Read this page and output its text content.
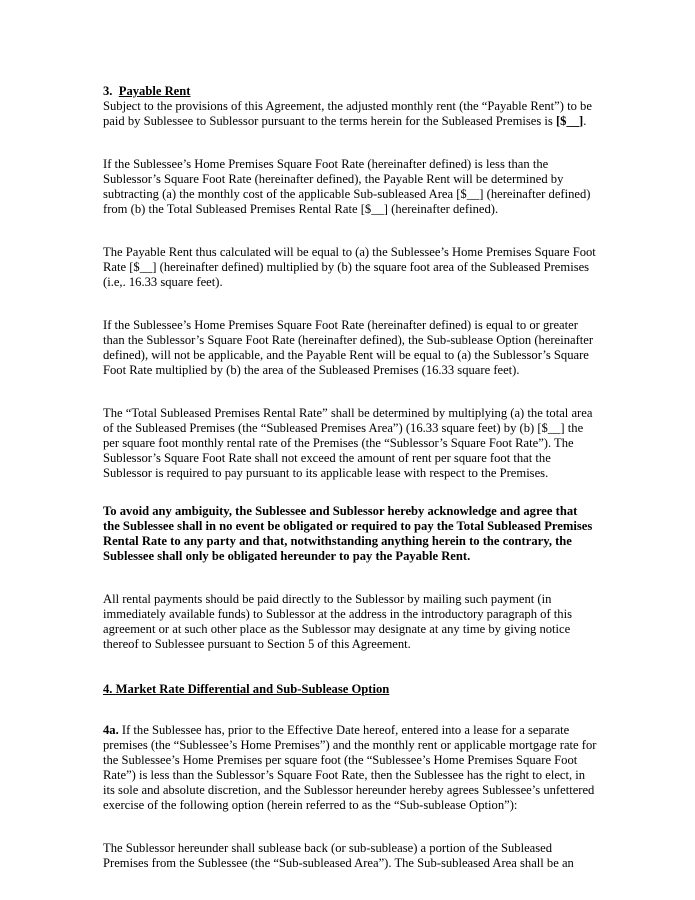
3. Payable Rent
Subject to the provisions of this Agreement, the adjusted monthly rent (the “Payable Rent”) to be
paid by Sublessee to Sublessor pursuant to the terms herein for the Subleased Premises is [$__].
If the Sublessee’s Home Premises Square Foot Rate (hereinafter defined) is less than the
Sublessor’s Square Foot Rate (hereinafter defined), the Payable Rent will be determined by
subtracting (a) the monthly cost of the applicable Sub-subleased Area [$__] (hereinafter defined)
from (b) the Total Subleased Premises Rental Rate [$__] (hereinafter defined).
The Payable Rent thus calculated will be equal to (a) the Sublessee’s Home Premises Square Foot
Rate [$__] (hereinafter defined) multiplied by (b) the square foot area of the Subleased Premises
(i.e,. 16.33 square feet).
If the Sublessee’s Home Premises Square Foot Rate (hereinafter defined) is equal to or greater
than the Sublessor’s Square Foot Rate (hereinafter defined), the Sub-sublease Option (hereinafter
defined), will not be applicable, and the Payable Rent will be equal to (a) the Sublessor’s Square
Foot Rate multiplied by (b) the area of the Subleased Premises (16.33 square feet).
The “Total Subleased Premises Rental Rate” shall be determined by multiplying (a) the total area
of the Subleased Premises (the “Subleased Premises Area”) (16.33 square feet) by (b) [$__] the
per square foot monthly rental rate of the Premises (the “Sublessor’s Square Foot Rate”). The
Sublessor’s Square Foot Rate shall not exceed the amount of rent per square foot that the
Sublessor is required to pay pursuant to its applicable lease with respect to the Premises.
To avoid any ambiguity, the Sublessee and Sublessor hereby acknowledge and agree that
the Sublessee shall in no event be obligated or required to pay the Total Subleased Premises
Rental Rate to any party and that, notwithstanding anything herein to the contrary, the
Sublessee shall only be obligated hereunder to pay the Payable Rent.
All rental payments should be paid directly to the Sublessor by mailing such payment (in
immediately available funds) to Sublessor at the address in the introductory paragraph of this
agreement or at such other place as the Sublessor may designate at any time by giving notice
thereof to Sublessee pursuant to Section 5 of this Agreement.
4. Market Rate Differential and Sub-Sublease Option
4a. If the Sublessee has, prior to the Effective Date hereof, entered into a lease for a separate
premises (the “Sublessee’s Home Premises”) and the monthly rent or applicable mortgage rate for
the Sublessee’s Home Premises per square foot (the “Sublessee’s Home Premises Square Foot
Rate”) is less than the Sublessor’s Square Foot Rate, then the Sublessee has the right to elect, in
its sole and absolute discretion, and the Sublessor hereunder hereby agrees Sublessee’s unfettered
exercise of the following option (herein referred to as the “Sub-sublease Option”):
The Sublessor hereunder shall sublease back (or sub-sublease) a portion of the Subleased
Premises from the Sublessee (the “Sub-subleased Area”). The Sub-subleased Area shall be an
